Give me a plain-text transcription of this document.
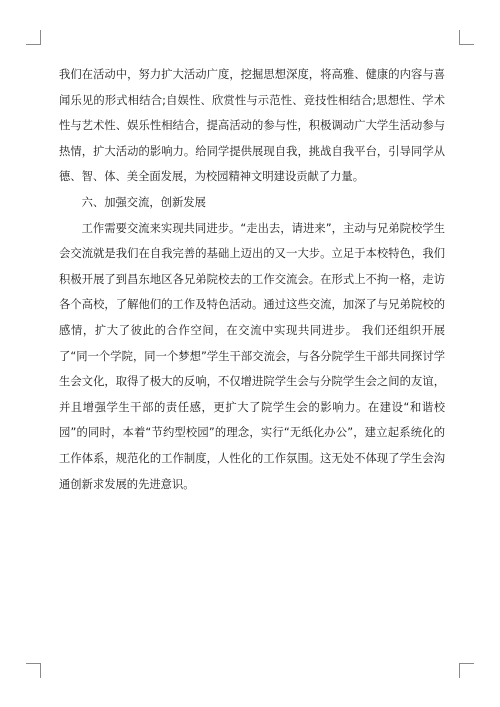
我们在活动中，努力扩大活动广度，挖掘思想深度，将高雅、健康的内容与喜闻乐见的形式相结合;自娱性、欣赏性与示范性、竞技性相结合;思想性、学术性与艺术性、娱乐性相结合，提高活动的参与性，积极调动广大学生活动参与热情，扩大活动的影响力。给同学提供展现自我，挑战自我平台，引导同学从德、智、体、美全面发展，为校园精神文明建设贡献了力量。

六、加强交流，创新发展

工作需要交流来实现共同进步。“走出去，请进来”，主动与兄弟院校学生会交流就是我们在自我完善的基础上迈出的又一大步。立足于本校特色，我们积极开展了到昌东地区各兄弟院校去的工作交流会。在形式上不拘一格，走访各个高校，了解他们的工作及特色活动。通过这些交流，加深了与兄弟院校的感情，扩大了彼此的合作空间，在交流中实现共同进步。 我们还组织开展了“同一个学院，同一个梦想”学生干部交流会，与各分院学生干部共同探讨学生会文化，取得了极大的反响，不仅增进院学生会与分院学生会之间的友谊，并且增强学生干部的责任感，更扩大了院学生会的影响力。在建设“和谐校园”的同时，本着“节约型校园”的理念，实行“无纸化办公”，建立起系统化的工作体系，规范化的工作制度，人性化的工作氛围。这无处不体现了学生会沟通创新求发展的先进意识。
